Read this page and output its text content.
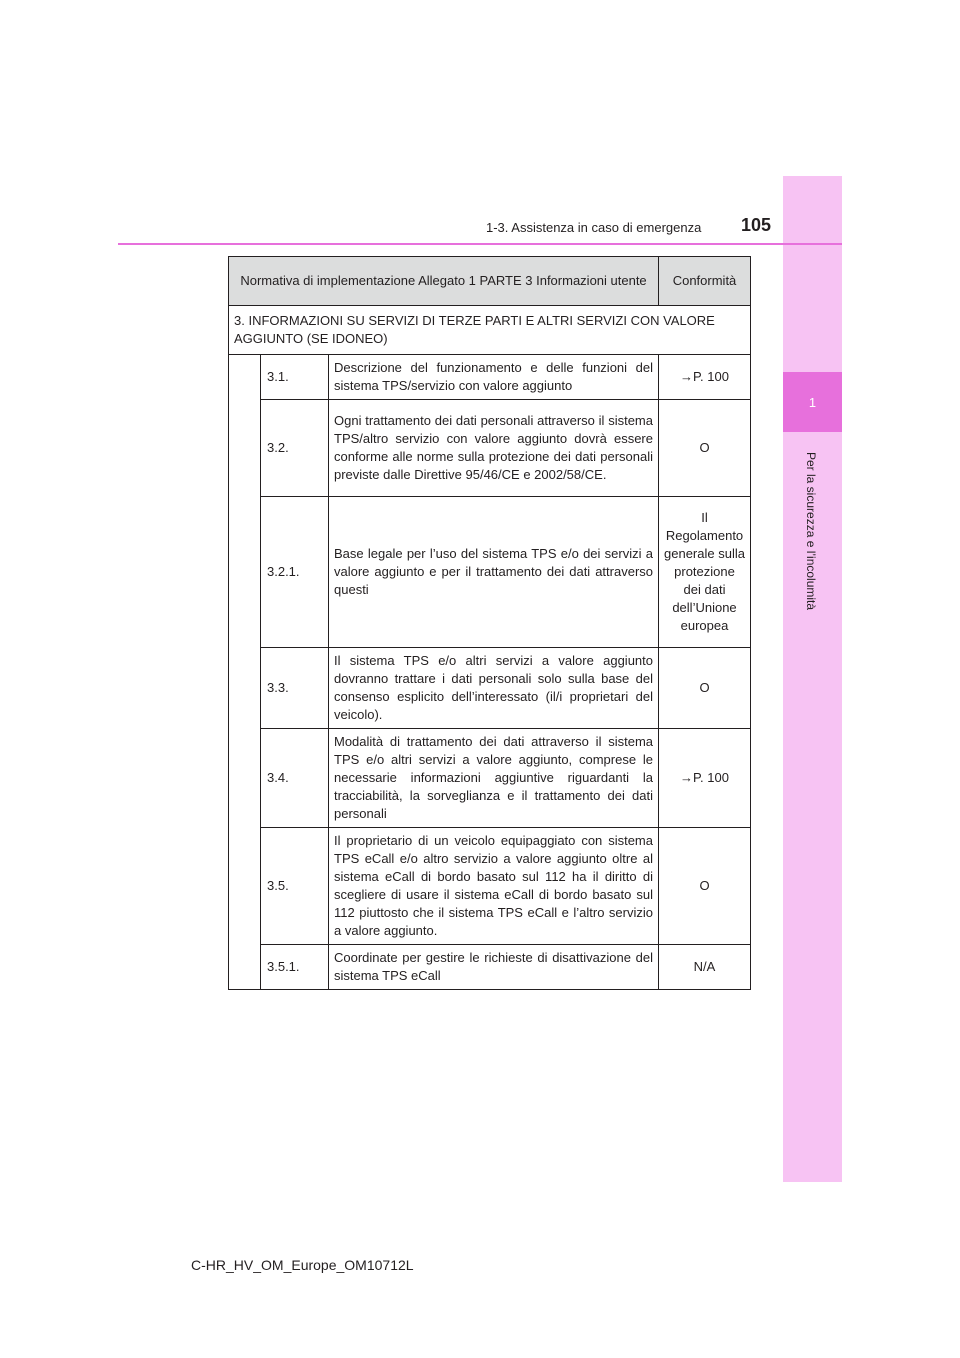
1
Per la sicurezza e l’incolumità
1-3. Assistenza in caso di emergenza 105
Normativa di implementazione Allegato 1 PARTE 3 Informazioni utente			Conformità
3. INFORMAZIONI SU SERVIZI DI TERZE PARTI E ALTRI SERVIZI CON VALORE AGGIUNTO (SE IDONEO)			
	3.1.	Descrizione del funzionamento e delle funzioni del sistema TPS/servizio con valore aggiunto	→P. 100
	3.2.	Ogni trattamento dei dati personali attraverso il sistema TPS/altro servizio con valore aggiunto dovrà essere conforme alle norme sulla protezione dei dati personali previste dalle Direttive 95/46/CE e 2002/58/CE.	O
	3.2.1.	Base legale per l’uso del sistema TPS e/o dei servizi a valore aggiunto e per il trattamento dei dati attraverso questi	Il Regolamento generale sulla protezione dei dati dell’Unione europea
	3.3.	Il sistema TPS e/o altri servizi a valore aggiunto dovranno trattare i dati personali solo sulla base del consenso esplicito dell’interessato (il/i proprietari del veicolo).	O
	3.4.	Modalità di trattamento dei dati attraverso il sistema TPS e/o altri servizi a valore aggiunto, comprese le necessarie informazioni aggiuntive riguardanti la tracciabilità, la sorveglianza e il trattamento dei dati personali	→P. 100
	3.5.	Il proprietario di un veicolo equipaggiato con sistema TPS eCall e/o altro servizio a valore aggiunto oltre al sistema eCall di bordo basato sul 112 ha il diritto di scegliere di usare il sistema eCall di bordo basato sul 112 piuttosto che il sistema TPS eCall e l’altro servizio a valore aggiunto.	O
	3.5.1.	Coordinate per gestire le richieste di disattivazione del sistema TPS eCall	N/A
C-HR_HV_OM_Europe_OM10712L
